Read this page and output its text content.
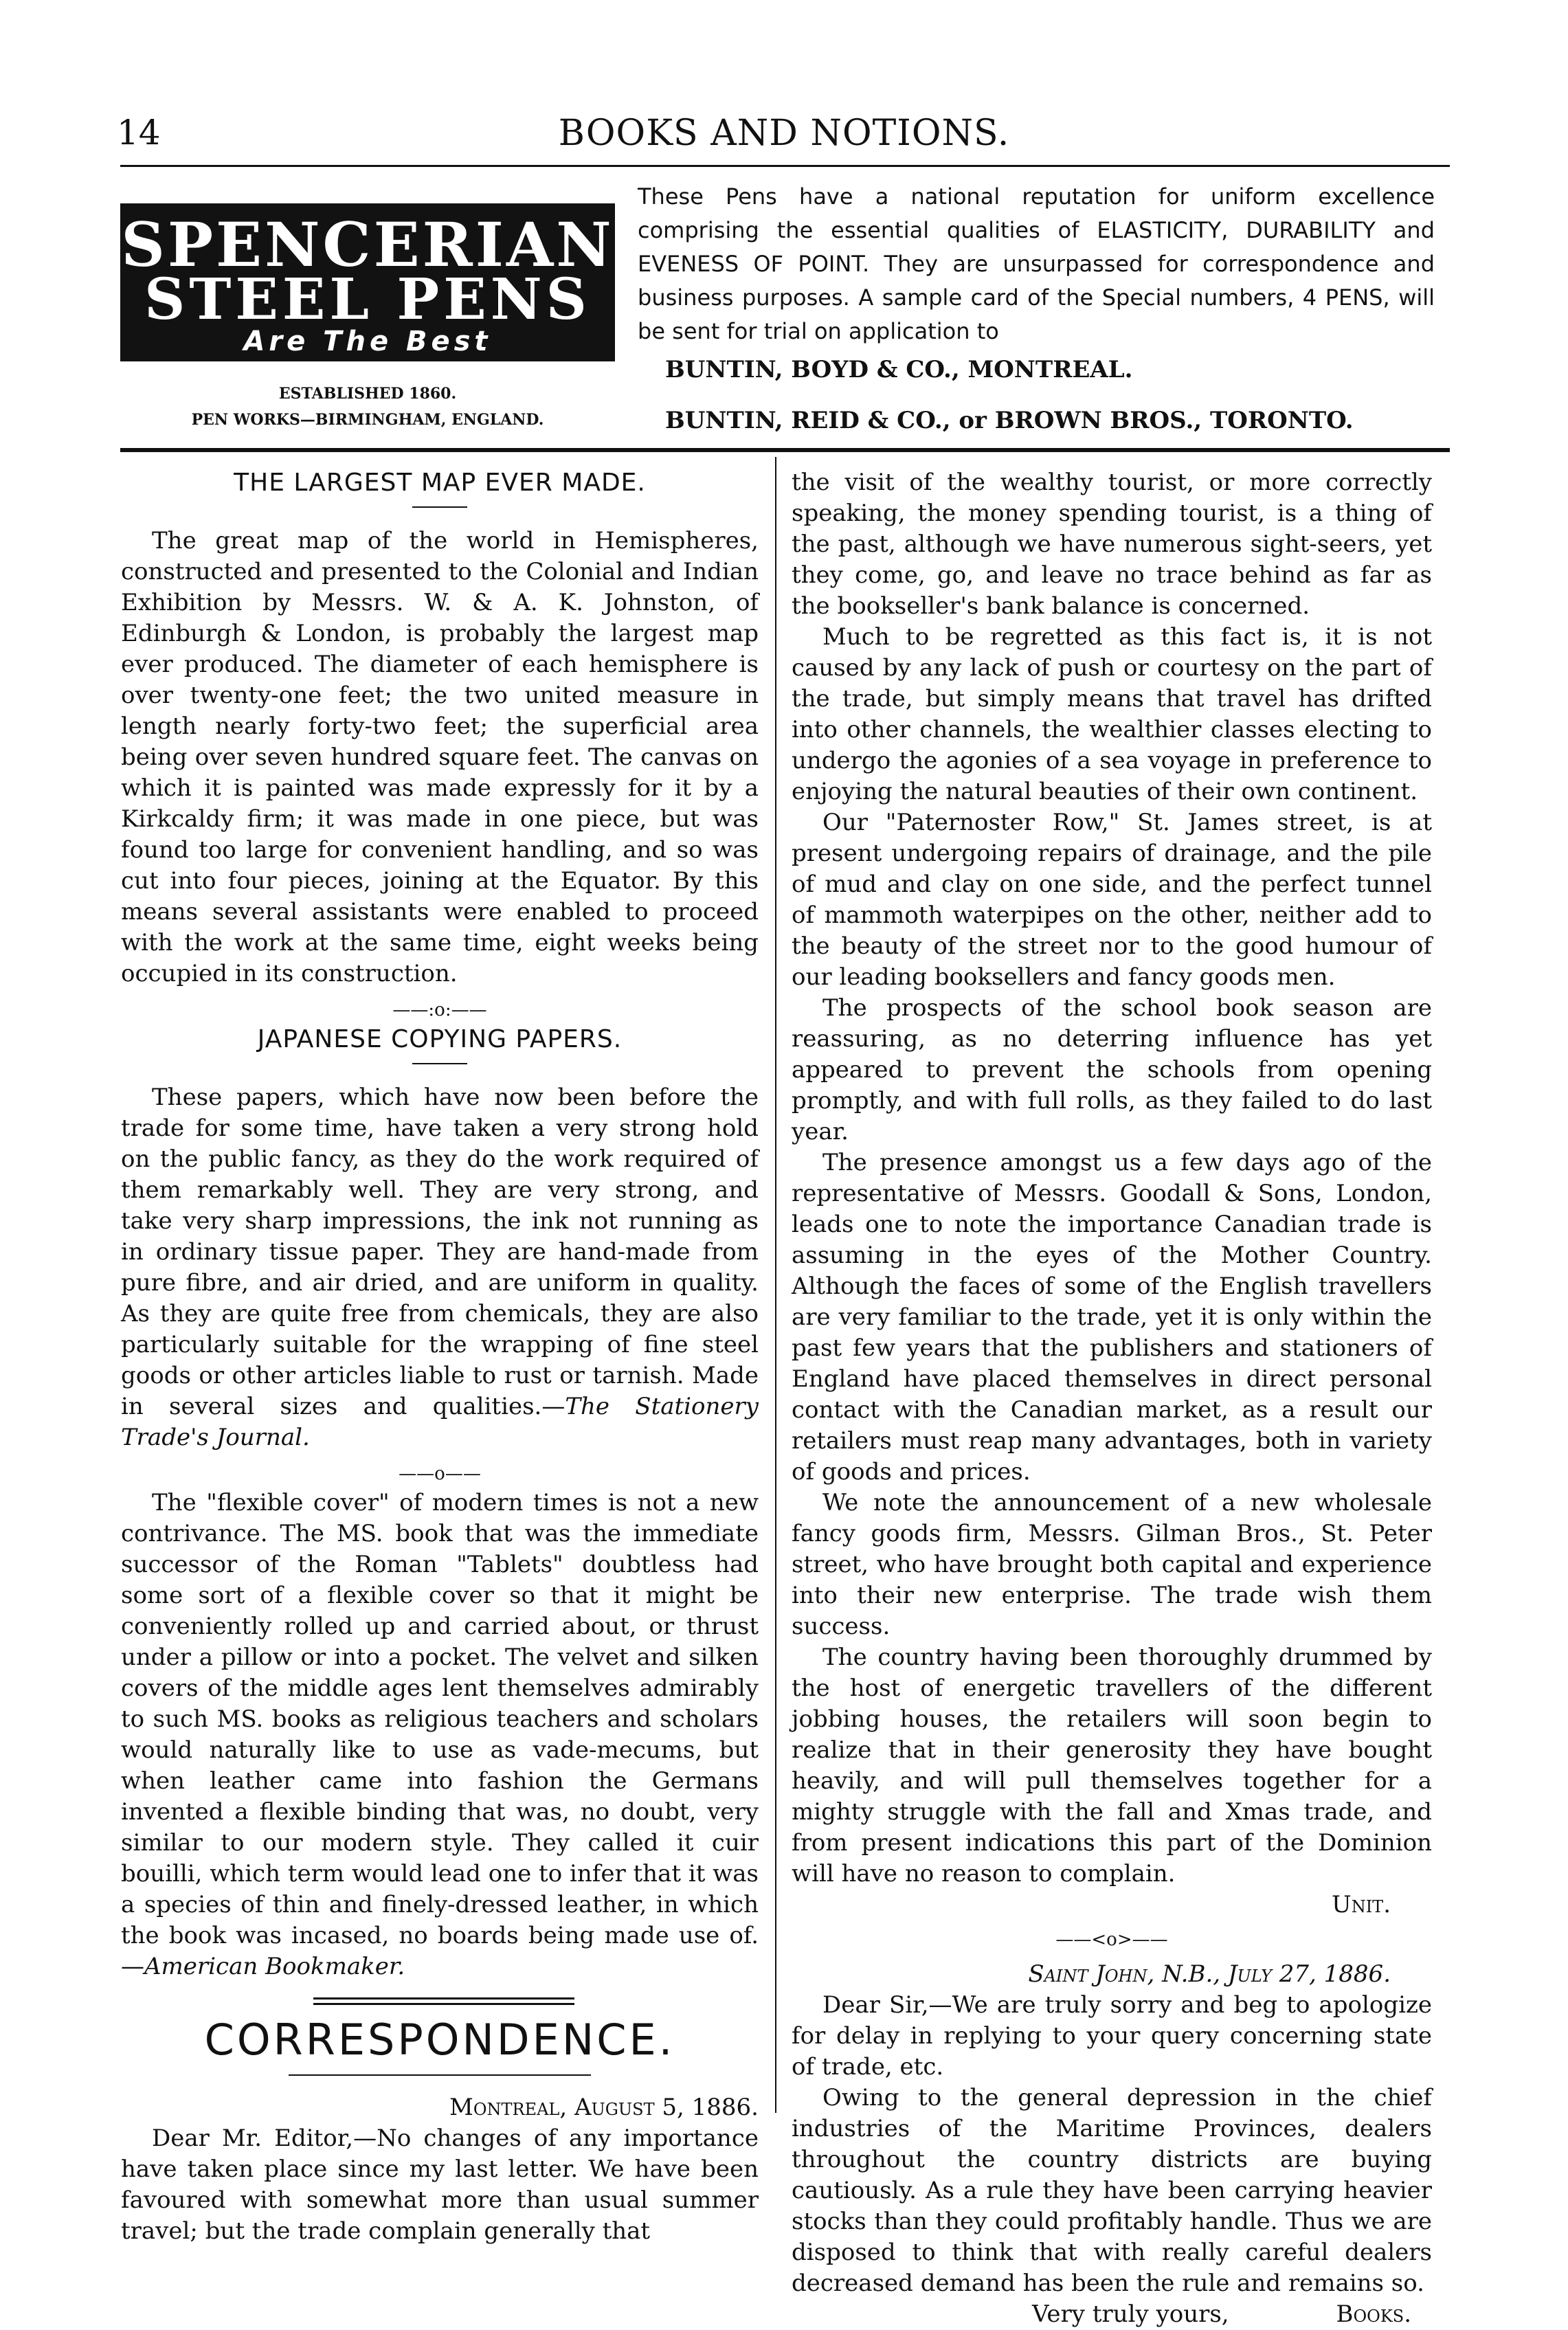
14	BOOKS AND NOTIONS.
SPENCERIAN
STEEL PENS
Are The Best
ESTABLISHED 1860.
PEN WORKS—BIRMINGHAM, ENGLAND.
These Pens have a national reputation for uniform excellence comprising the essential qualities of ELASTICITY, DURABILITY and EVENESS OF POINT. They are unsurpassed for correspondence and business purposes. A sample card of the Special numbers, 4 PENS, will be sent for trial on application to
BUNTIN, BOYD & CO., MONTREAL.
BUNTIN, REID & CO., or BROWN BROS., TORONTO.
THE LARGEST MAP EVER MADE.

The great map of the world in Hemispheres, constructed and presented to the Colonial and Indian Exhibition by Messrs. W. & A. K. Johnston, of Edinburgh & London, is probably the largest map ever produced. The diameter of each hemisphere is over twenty-one feet; the two united measure in length nearly forty-two feet; the superficial area being over seven hundred square feet. The canvas on which it is painted was made expressly for it by a Kirkcaldy firm; it was made in one piece, but was found too large for convenient handling, and so was cut into four pieces, joining at the Equator. By this means several assistants were enabled to proceed with the work at the same time, eight weeks being occupied in its construction.

——:o:——
JAPANESE COPYING PAPERS.

These papers, which have now been before the trade for some time, have taken a very strong hold on the public fancy, as they do the work required of them remarkably well. They are very strong, and take very sharp impressions, the ink not running as in ordinary tissue paper. They are hand-made from pure fibre, and air dried, and are uniform in quality. As they are quite free from chemicals, they are also particularly suitable for the wrapping of fine steel goods or other articles liable to rust or tarnish. Made in several sizes and qualities.—The Stationery Trade's Journal.

——o——

The "flexible cover" of modern times is not a new contrivance. The MS. book that was the immediate successor of the Roman "Tablets" doubtless had some sort of a flexible cover so that it might be conveniently rolled up and carried about, or thrust under a pillow or into a pocket. The velvet and silken covers of the middle ages lent themselves admirably to such MS. books as religious teachers and scholars would naturally like to use as vade-mecums, but when leather came into fashion the Germans invented a flexible binding that was, no doubt, very similar to our modern style. They called it cuir bouilli, which term would lead one to infer that it was a species of thin and finely-dressed leather, in which the book was incased, no boards being made use of.—American Bookmaker.

CORRESPONDENCE.
Montreal, August 5, 1886.

Dear Mr. Editor,—No changes of any importance have taken place since my last letter. We have been favoured with somewhat more than usual summer travel; but the trade complain generally that

the visit of the wealthy tourist, or more correctly speaking, the money spending tourist, is a thing of the past, although we have numerous sight-seers, yet they come, go, and leave no trace behind as far as the bookseller's bank balance is concerned.

Much to be regretted as this fact is, it is not caused by any lack of push or courtesy on the part of the trade, but simply means that travel has drifted into other channels, the wealthier classes electing to undergo the agonies of a sea voyage in preference to enjoying the natural beauties of their own continent.

Our "Paternoster Row," St. James street, is at present undergoing repairs of drainage, and the pile of mud and clay on one side, and the perfect tunnel of mammoth waterpipes on the other, neither add to the beauty of the street nor to the good humour of our leading booksellers and fancy goods men.

The prospects of the school book season are reassuring, as no deterring influence has yet appeared to prevent the schools from opening promptly, and with full rolls, as they failed to do last year.

The presence amongst us a few days ago of the representative of Messrs. Goodall & Sons, London, leads one to note the importance Canadian trade is assuming in the eyes of the Mother Country. Although the faces of some of the English travellers are very familiar to the trade, yet it is only within the past few years that the publishers and stationers of England have placed themselves in direct personal contact with the Canadian market, as a result our retailers must reap many advantages, both in variety of goods and prices.

We note the announcement of a new wholesale fancy goods firm, Messrs. Gilman Bros., St. Peter street, who have brought both capital and experience into their new enterprise. The trade wish them success.

The country having been thoroughly drummed by the host of energetic travellers of the different jobbing houses, the retailers will soon begin to realize that in their generosity they have bought heavily, and will pull themselves together for a mighty struggle with the fall and Xmas trade, and from present indications this part of the Dominion will have no reason to complain.

Unit.
——<o>——
Saint John, N.B., July 27, 1886.

Dear Sir,—We are truly sorry and beg to apologize for delay in replying to your query concerning state of trade, etc.

Owing to the general depression in the chief industries of the Maritime Provinces, dealers throughout the country districts are buying cautiously. As a rule they have been carrying heavier stocks than they could profitably handle. Thus we are disposed to think that with really careful dealers decreased demand has been the rule and remains so.

Very truly yours,	Books.
